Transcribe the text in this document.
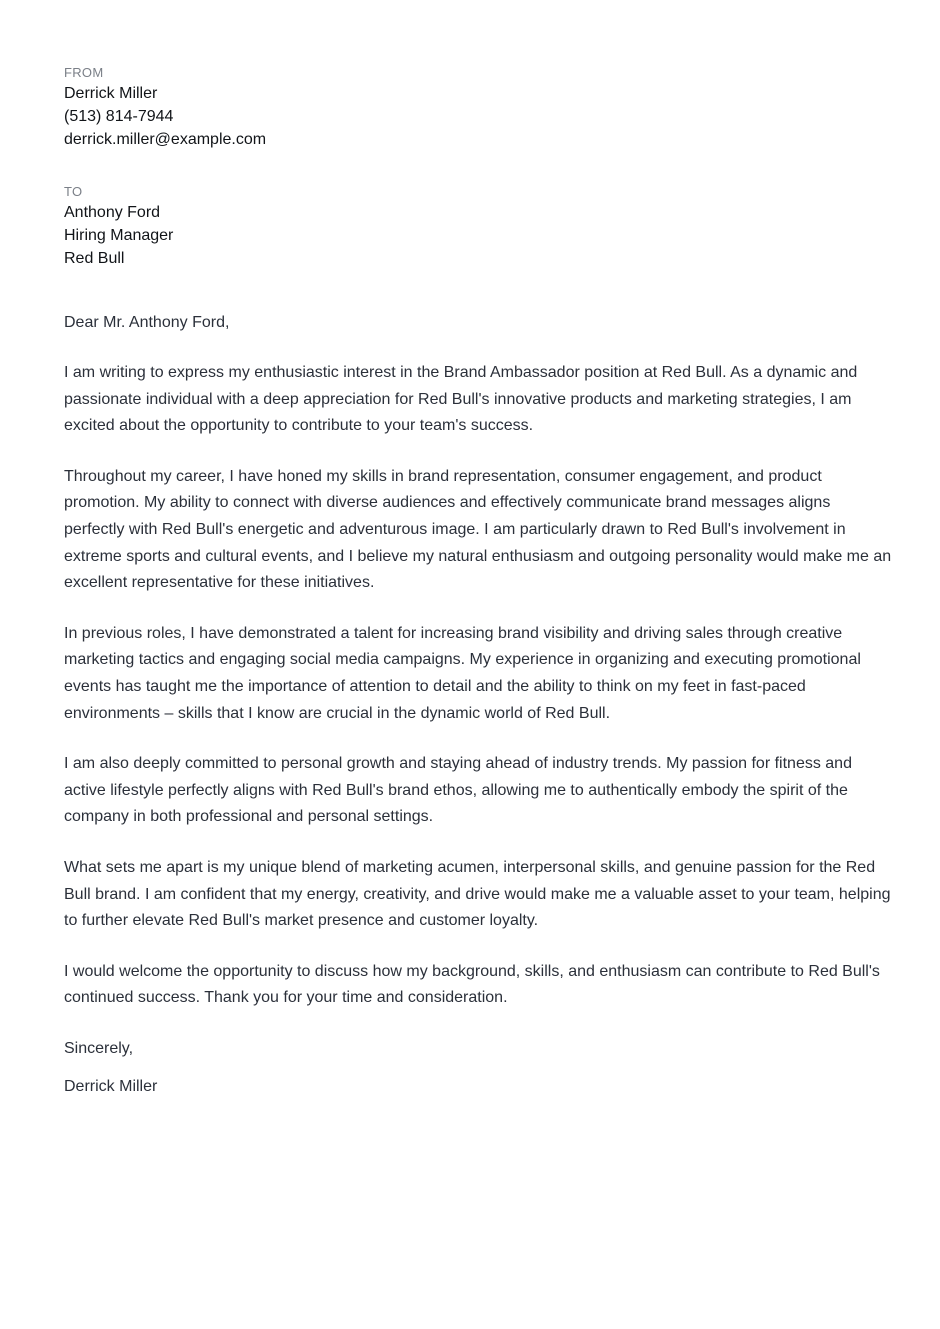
FROM
Derrick Miller
(513) 814-7944
derrick.miller@example.com
TO
Anthony Ford
Hiring Manager
Red Bull
Dear Mr. Anthony Ford,
I am writing to express my enthusiastic interest in the Brand Ambassador position at Red Bull. As a dynamic and passionate individual with a deep appreciation for Red Bull's innovative products and marketing strategies, I am excited about the opportunity to contribute to your team's success.
Throughout my career, I have honed my skills in brand representation, consumer engagement, and product promotion. My ability to connect with diverse audiences and effectively communicate brand messages aligns perfectly with Red Bull's energetic and adventurous image. I am particularly drawn to Red Bull's involvement in extreme sports and cultural events, and I believe my natural enthusiasm and outgoing personality would make me an excellent representative for these initiatives.
In previous roles, I have demonstrated a talent for increasing brand visibility and driving sales through creative marketing tactics and engaging social media campaigns. My experience in organizing and executing promotional events has taught me the importance of attention to detail and the ability to think on my feet in fast-paced environments – skills that I know are crucial in the dynamic world of Red Bull.
I am also deeply committed to personal growth and staying ahead of industry trends. My passion for fitness and active lifestyle perfectly aligns with Red Bull's brand ethos, allowing me to authentically embody the spirit of the company in both professional and personal settings.
What sets me apart is my unique blend of marketing acumen, interpersonal skills, and genuine passion for the Red Bull brand. I am confident that my energy, creativity, and drive would make me a valuable asset to your team, helping to further elevate Red Bull's market presence and customer loyalty.
I would welcome the opportunity to discuss how my background, skills, and enthusiasm can contribute to Red Bull's continued success. Thank you for your time and consideration.
Sincerely,
Derrick Miller
